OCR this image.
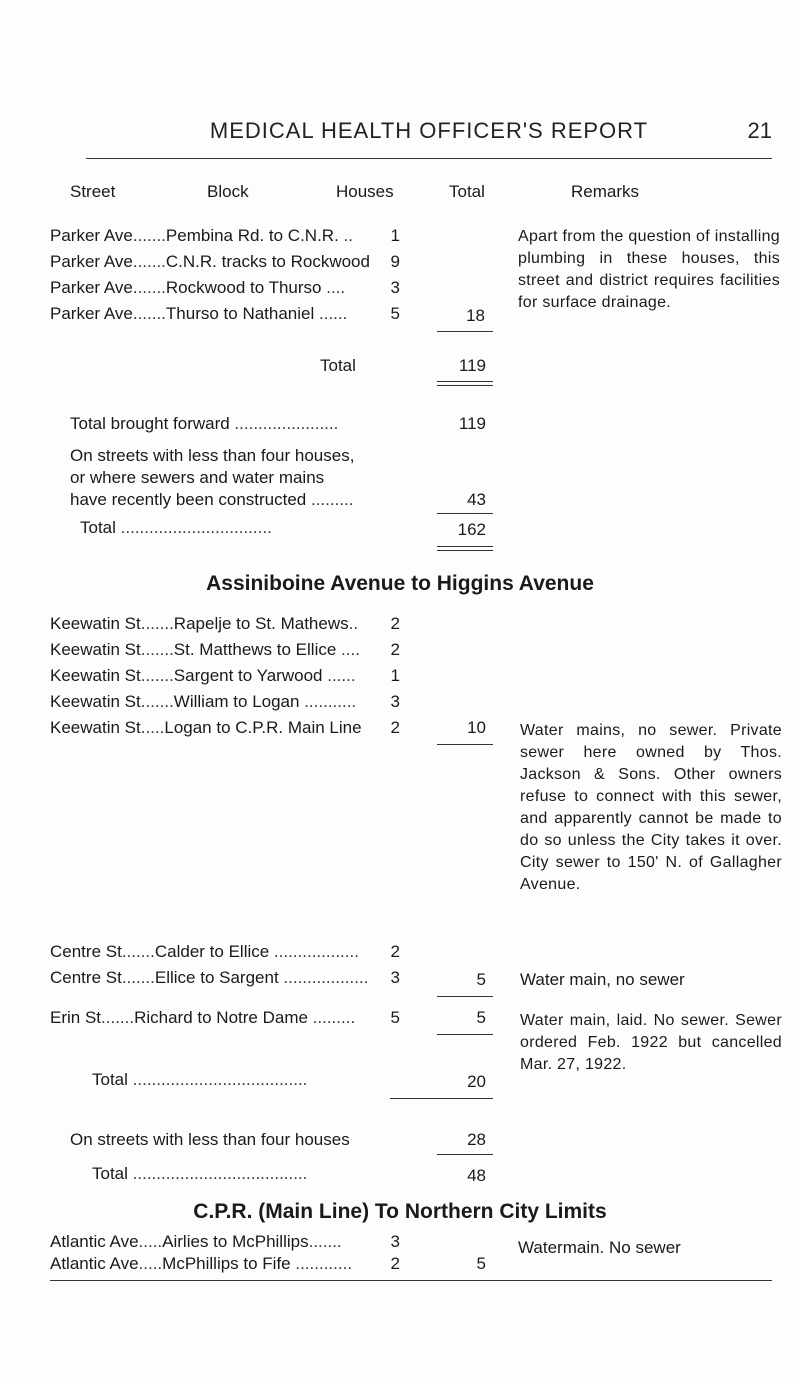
MEDICAL HEALTH OFFICER'S REPORT	21
Street	Block	Houses	Total	Remarks
Parker Ave.......Pembina Rd. to C.N.R. ..	1
Parker Ave.......C.N.R. tracks to Rockwood	9
Parker Ave.......Rockwood to Thurso ....	3
Parker Ave.......Thurso to Nathaniel ......	5	18
Apart from the question of installing plumbing in these houses, this street and district requires facilities for surface drainage.
Total	119
Total brought forward ......................	119
On streets with less than four houses,
or where sewers and water mains
have recently been constructed .........	43
Total ................................	162
Assiniboine Avenue to Higgins Avenue
Keewatin St.......Rapelje to St. Mathews..	2
Keewatin St.......St. Matthews to Ellice ....	2
Keewatin St.......Sargent to Yarwood ......	1
Keewatin St.......William to Logan ...........	3
Keewatin St.....Logan to C.P.R. Main Line	2	10 Water mains, no sewer. Private sewer here owned by Thos. Jackson & Sons. Other owners refuse to connect with this sewer, and apparently cannot be made to do so unless the City takes it over. City sewer to 150' N. of Gallagher Avenue.
Centre St.......Calder to Ellice ..................	2
Centre St.......Ellice to Sargent ..................	3	5 Water main, no sewer
Erin St.......Richard to Notre Dame .........	5	5 Water main, laid. No sewer. Sewer ordered Feb. 1922 but cancelled Mar. 27, 1922.
Total .....................................	20
On streets with less than four houses	28
Total .....................................	48
C.P.R. (Main Line) To Northern City Limits
Atlantic Ave.....Airlies to McPhillips.......	3
Atlantic Ave.....McPhillips to Fife ............	2	5
Watermain. No sewer
